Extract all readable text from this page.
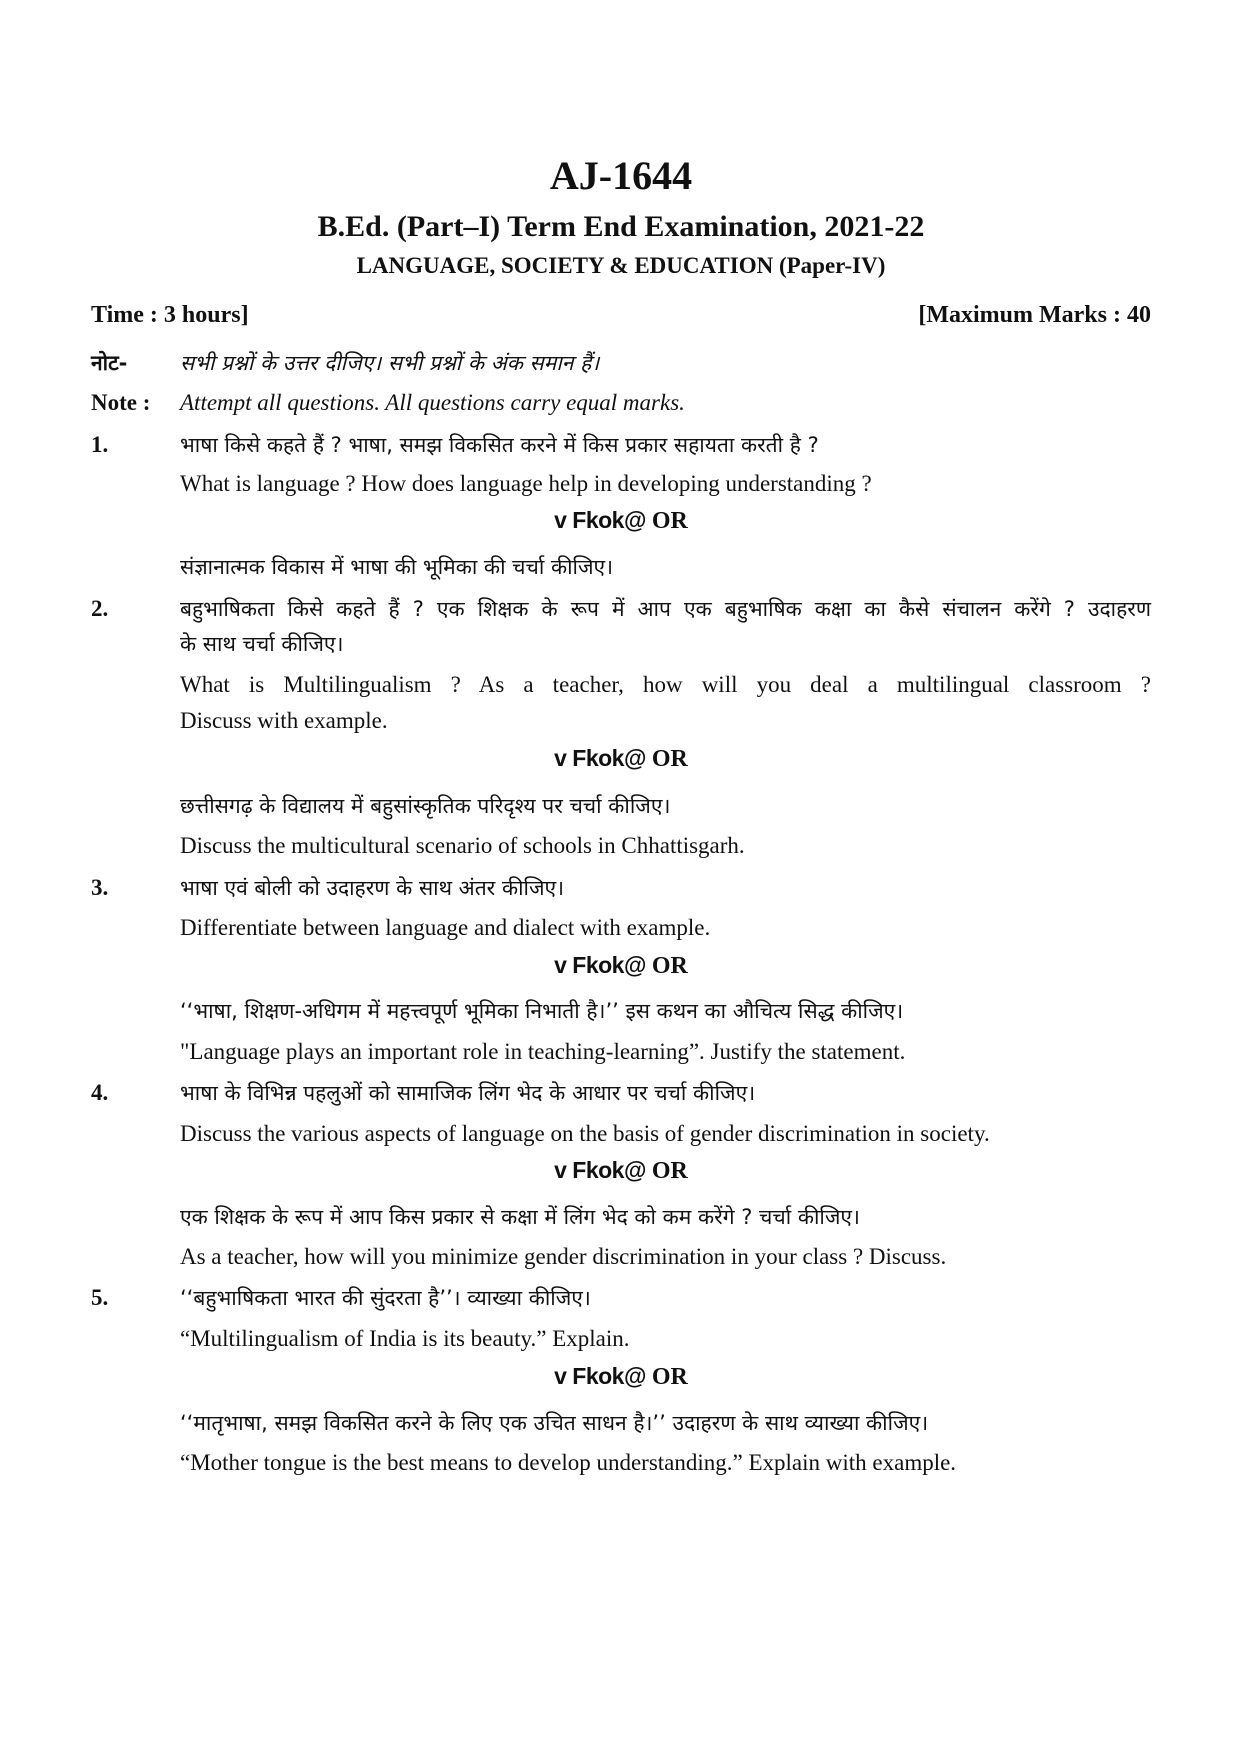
AJ-1644
B.Ed. (Part–I) Term End Examination, 2021-22
LANGUAGE, SOCIETY & EDUCATION (Paper-IV)
Time : 3 hours]	[Maximum Marks : 40
नोट-	सभी प्रश्नों के उत्तर दीजिए। सभी प्रश्नों के अंक समान हैं।
Note : Attempt all questions. All questions carry equal marks.
1.	भाषा किसे कहते हैं ? भाषा, समझ विकसित करने में किस प्रकार सहायता करती है ?
What is language ? How does language help in developing understanding ?
v Fkok@ OR
संज्ञानात्मक विकास में भाषा की भूमिका की चर्चा कीजिए।
2.	बहुभाषिकता किसे कहते हैं ? एक शिक्षक के रूप में आप एक बहुभाषिक कक्षा का कैसे संचालन करेंगे ? उदाहरण
के साथ चर्चा कीजिए।
What is Multilingualism ? As a teacher, how will you deal a multilingual classroom ?
Discuss with example.
v Fkok@ OR
छत्तीसगढ़ के विद्यालय में बहुसांस्कृतिक परिदृश्य पर चर्चा कीजिए।
Discuss the multicultural scenario of schools in Chhattisgarh.
3.	भाषा एवं बोली को उदाहरण के साथ अंतर कीजिए।
Differentiate between language and dialect with example.
v Fkok@ OR
‘‘भाषा, शिक्षण-अधिगम में महत्त्वपूर्ण भूमिका निभाती है।’’ इस कथन का औचित्य सिद्ध कीजिए।
"Language plays an important role in teaching-learning”. Justify the statement.
4.	भाषा के विभिन्न पहलुओं को सामाजिक लिंग भेद के आधार पर चर्चा कीजिए।
Discuss the various aspects of language on the basis of gender discrimination in society.
v Fkok@ OR
एक शिक्षक के रूप में आप किस प्रकार से कक्षा में लिंग भेद को कम करेंगे ? चर्चा कीजिए।
As a teacher, how will you minimize gender discrimination in your class ? Discuss.
5.	‘‘बहुभाषिकता भारत की सुंदरता है’’। व्याख्या कीजिए।
“Multilingualism of India is its beauty.” Explain.
v Fkok@ OR
‘‘मातृभाषा, समझ विकसित करने के लिए एक उचित साधन है।’’ उदाहरण के साथ व्याख्या कीजिए।
“Mother tongue is the best means to develop understanding.” Explain with example.
